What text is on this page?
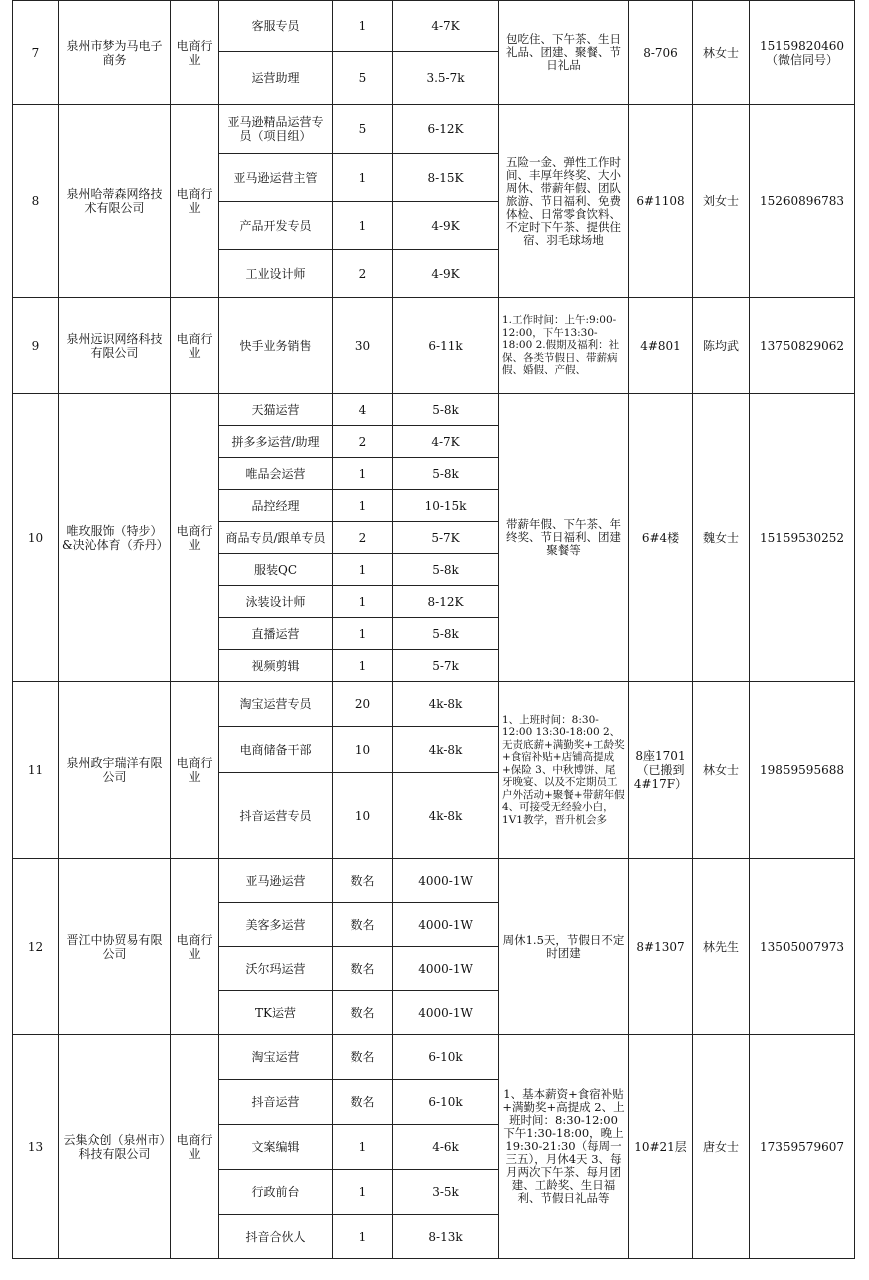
7	泉州市梦为马电子商务	电商行业	客服专员	1	4-7K	包吃住、下午茶、生日礼品、团建、聚餐、节日礼品	8-706	林女士	15159820460（微信同号）
			运营助理	5	3.5-7k				
8	泉州哈蒂森网络技术有限公司	电商行业	亚马逊精品运营专员（项目组）	5	6-12K	五险一金、弹性工作时间、丰厚年终奖、大小周休、带薪年假、团队旅游、节日福利、免费体检、日常零食饮料、不定时下午茶、提供住宿、羽毛球场地	6#1108	刘女士	15260896783
			亚马逊运营主管	1	8-15K				
			产品开发专员	1	4-9K				
			工业设计师	2	4-9K				
9	泉州远识网络科技有限公司	电商行业	快手业务销售	30	6-11k	1.工作时间：上午:9:00-12:00，下午13:30-18:00 2.假期及福利：社保、各类节假日、带薪病假、婚假、产假、	4#801	陈均武	13750829062
10	唯玫服饰（特步）&决沁体育（乔丹）	电商行业	天猫运营	4	5-8k	带薪年假、下午茶、年终奖、节日福利、团建聚餐等	6#4楼	魏女士	15159530252
			拼多多运营/助理	2	4-7K				
			唯品会运营	1	5-8k				
			品控经理	1	10-15k				
			商品专员/跟单专员	2	5-7K				
			服装QC	1	5-8k				
			泳装设计师	1	8-12K				
			直播运营	1	5-8k				
			视频剪辑	1	5-7k				
11	泉州政宇瑞洋有限公司	电商行业	淘宝运营专员	20	4k-8k	1、上班时间：8:30-12:00 13:30-18:00 2、无责底薪+满勤奖+工龄奖+食宿补贴+店铺高提成+保险 3、中秋博饼、尾牙晚宴、以及不定期员工户外活动+聚餐+带薪年假 4、可接受无经验小白，1V1教学，晋升机会多	8座1701（已搬到4#17F）	林女士	19859595688
			电商储备干部	10	4k-8k				
			抖音运营专员	10	4k-8k				
12	晋江中协贸易有限公司	电商行业	亚马逊运营	数名	4000-1W	周休1.5天，节假日不定时团建	8#1307	林先生	13505007973
			美客多运营	数名	4000-1W				
			沃尔玛运营	数名	4000-1W				
			TK运营	数名	4000-1W				
13	云集众创（泉州市）科技有限公司	电商行业	淘宝运营	数名	6-10k	1、基本薪资+食宿补贴+满勤奖+高提成 2、上班时间：8:30-12:00 下午1:30-18:00，晚上19:30-21:30（每周一三五），月休4天 3、每月两次下午茶、每月团建、工龄奖、生日福利、节假日礼品等	10#21层	唐女士	17359579607
			抖音运营	数名	6-10k				
			文案编辑	1	4-6k				
			行政前台	1	3-5k				
			抖音合伙人	1	8-13k				
